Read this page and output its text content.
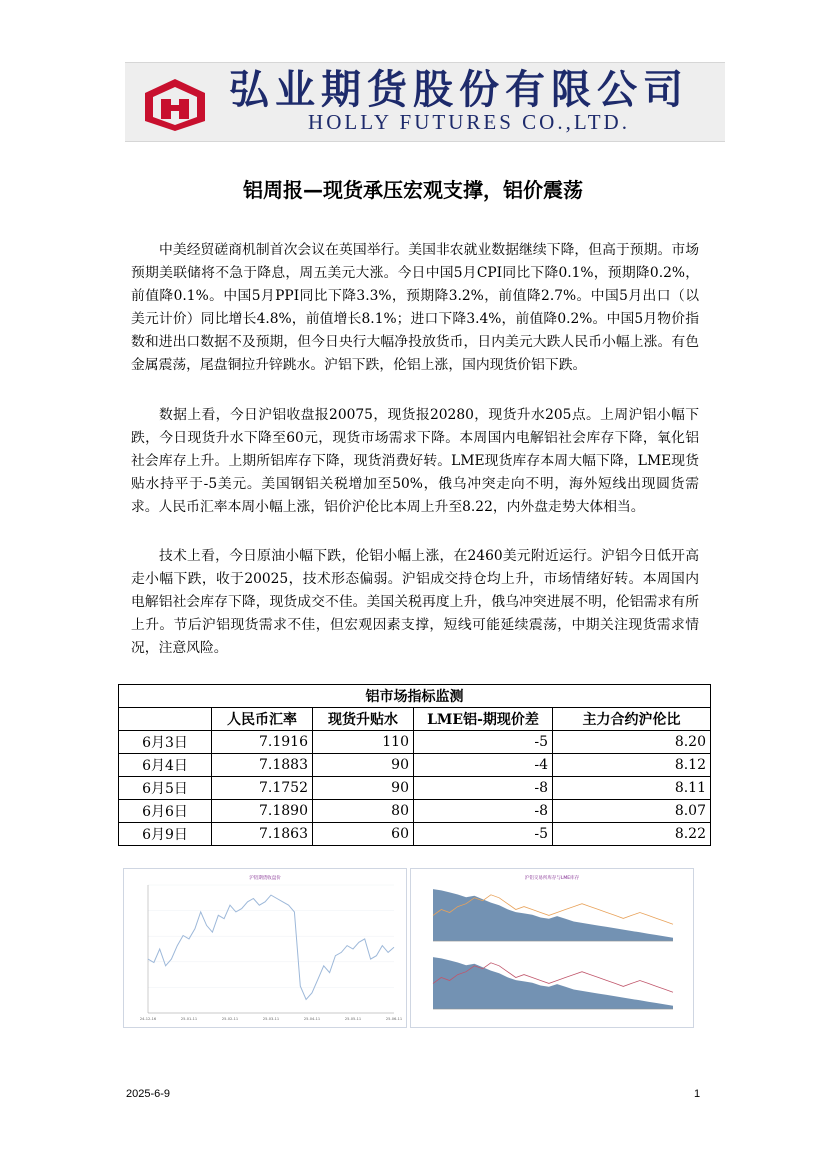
弘业期货股份有限公司
HOLLY FUTURES CO.,LTD.
铝周报—现货承压宏观支撑，铝价震荡

中美经贸磋商机制首次会议在英国举行。美国非农就业数据继续下降，但高于预期。市场预期美联储将不急于降息，周五美元大涨。今日中国5月CPI同比下降0.1%，预期降0.2%，前值降0.1%。中国5月PPI同比下降3.3%，预期降3.2%，前值降2.7%。中国5月出口（以美元计价）同比增长4.8%，前值增长8.1%；进口下降3.4%，前值降0.2%。中国5月物价指数和进出口数据不及预期，但今日央行大幅净投放货币，日内美元大跌人民币小幅上涨。有色金属震荡，尾盘铜拉升锌跳水。沪铝下跌，伦铝上涨，国内现货价铝下跌。

数据上看，今日沪铝收盘报20075，现货报20280，现货升水205点。上周沪铝小幅下跌，今日现货升水下降至60元，现货市场需求下降。本周国内电解铝社会库存下降，氧化铝社会库存上升。上期所铝库存下降，现货消费好转。LME现货库存本周大幅下降，LME现货贴水持平于-5美元。美国钢铝关税增加至50%，俄乌冲突走向不明，海外短线出现圆货需求。人民币汇率本周小幅上涨，铝价沪伦比本周上升至8.22，内外盘走势大体相当。

技术上看，今日原油小幅下跌，伦铝小幅上涨，在2460美元附近运行。沪铝今日低开高走小幅下跌，收于20025，技术形态偏弱。沪铝成交持仓均上升，市场情绪好转。本周国内电解铝社会库存下降，现货成交不佳。美国关税再度上升，俄乌冲突进展不明，伦铝需求有所上升。节后沪铝现货需求不佳，但宏观因素支撑，短线可能延续震荡，中期关注现货需求情况，注意风险。

铝市场指标监测				
	人民币汇率	现货升贴水	LME铝-期现价差	主力合约沪伦比
6月3日	7.1916	110	-5	8.20
6月4日	7.1883	90	-4	8.12
6月5日	7.1752	90	-8	8.11
6月6日	7.1890	80	-8	8.07
6月9日	7.1863	60	-5	8.22
沪铝期货收盘价
24-12-16	25-01-11	25-02-11	25-03-11	25-04-11	25-05-11	25-06-11
沪铝交易所库存与LME库存
2025-6-9	1
